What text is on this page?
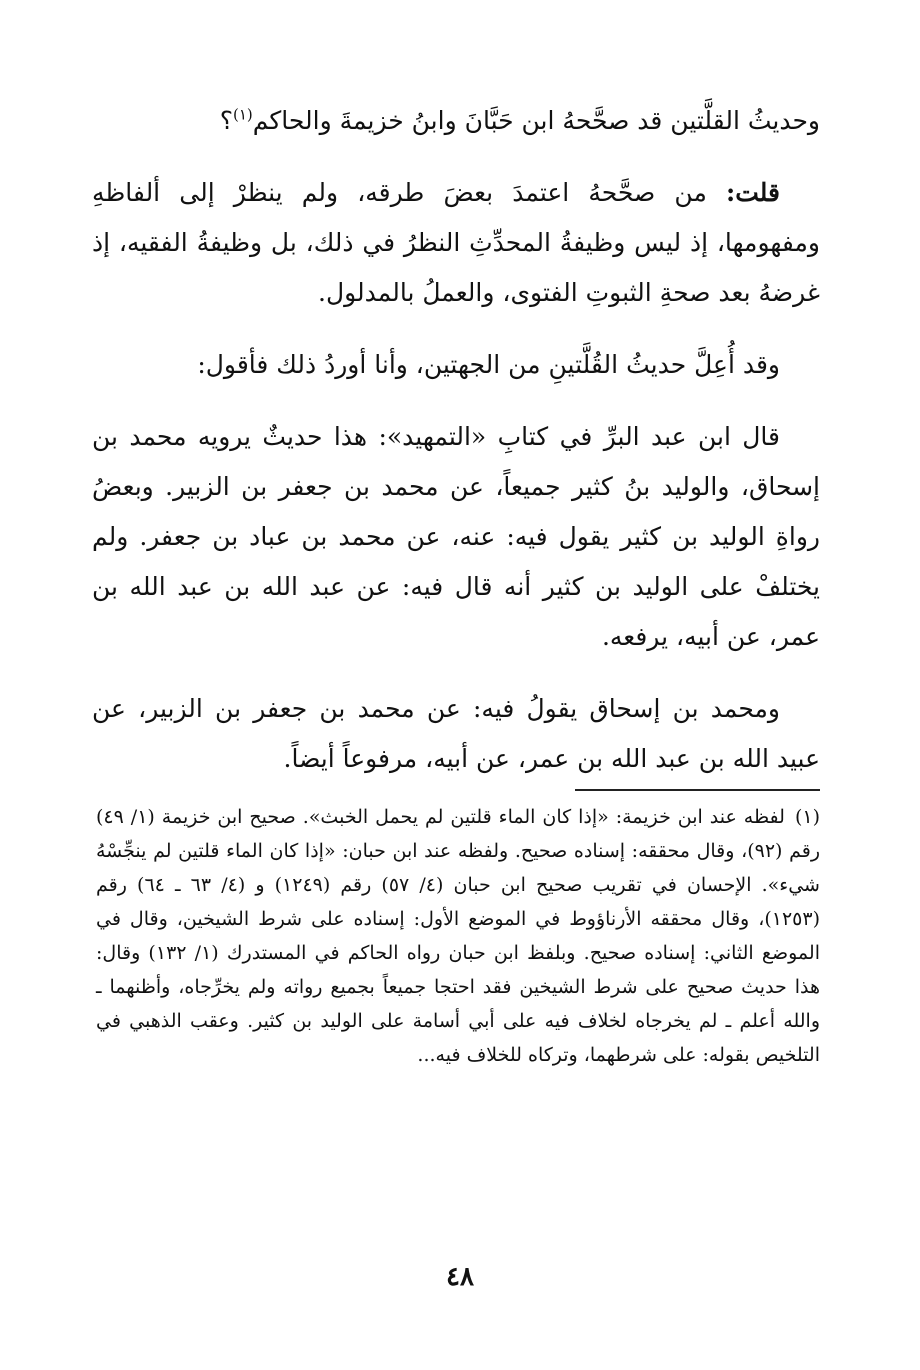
وحديثُ القلَّتين قد صحَّحهُ ابن حَبَّانَ وابنُ خزيمةَ والحاكم$^{(١)}$؟

قلت: من صحَّحهُ اعتمدَ بعضَ طرقه، ولم ينظرْ إلى ألفاظهِ ومفهومها، إذ ليس وظيفةُ المحدِّثِ النظرُ في ذلك، بل وظيفةُ الفقيه، إذ غرضهُ بعد صحةِ الثبوتِ الفتوى، والعملُ بالمدلول.

وقد أُعِلَّ حديثُ القُلَّتينِ من الجهتين، وأنا أوردُ ذلك فأقول:

قال ابن عبد البرِّ في كتابِ «التمهيد»: هذا حديثٌ يرويه محمد بن إسحاق، والوليد بنُ كثير جميعاً، عن محمد بن جعفر بن الزبير. وبعضُ رواةِ الوليد بن كثير يقول فيه: عنه، عن محمد بن عباد بن جعفر. ولم يختلفْ على الوليد بن كثير أنه قال فيه: عن عبد الله بن عبد الله بن عمر، عن أبيه، يرفعه.

ومحمد بن إسحاق يقولُ فيه: عن محمد بن جعفر بن الزبير، عن عبيد الله بن عبد الله بن عمر، عن أبيه، مرفوعاً أيضاً.

(١)لفظه عند ابن خزيمة: «إذا كان الماء قلتين لم يحمل الخبث». صحيح ابن خزيمة (١/ ٤٩) رقم (٩٢)، وقال محققه: إسناده صحيح. ولفظه عند ابن حبان: «إذا كان الماء قلتين لم ينجِّسْهُ شيء». الإحسان في تقريب صحيح ابن حبان (٤/ ٥٧) رقم (١٢٤٩) و (٤/ ٦٣ ـ ٦٤) رقم (١٢٥٣)، وقال محققه الأرناؤوط في الموضع الأول: إسناده على شرط الشيخين، وقال في الموضع الثاني: إسناده صحيح. وبلفظ ابن حبان رواه الحاكم في المستدرك (١/ ١٣٢) وقال: هذا حديث صحيح على شرط الشيخين فقد احتجا جميعاً بجميع رواته ولم يخرِّجاه، وأظنهما ـ والله أعلم ـ لم يخرجاه لخلاف فيه على أبي أسامة على الوليد بن كثير. وعقب الذهبي في التلخيص بقوله: على شرطهما، وتركاه للخلاف فيه...

٤٨
